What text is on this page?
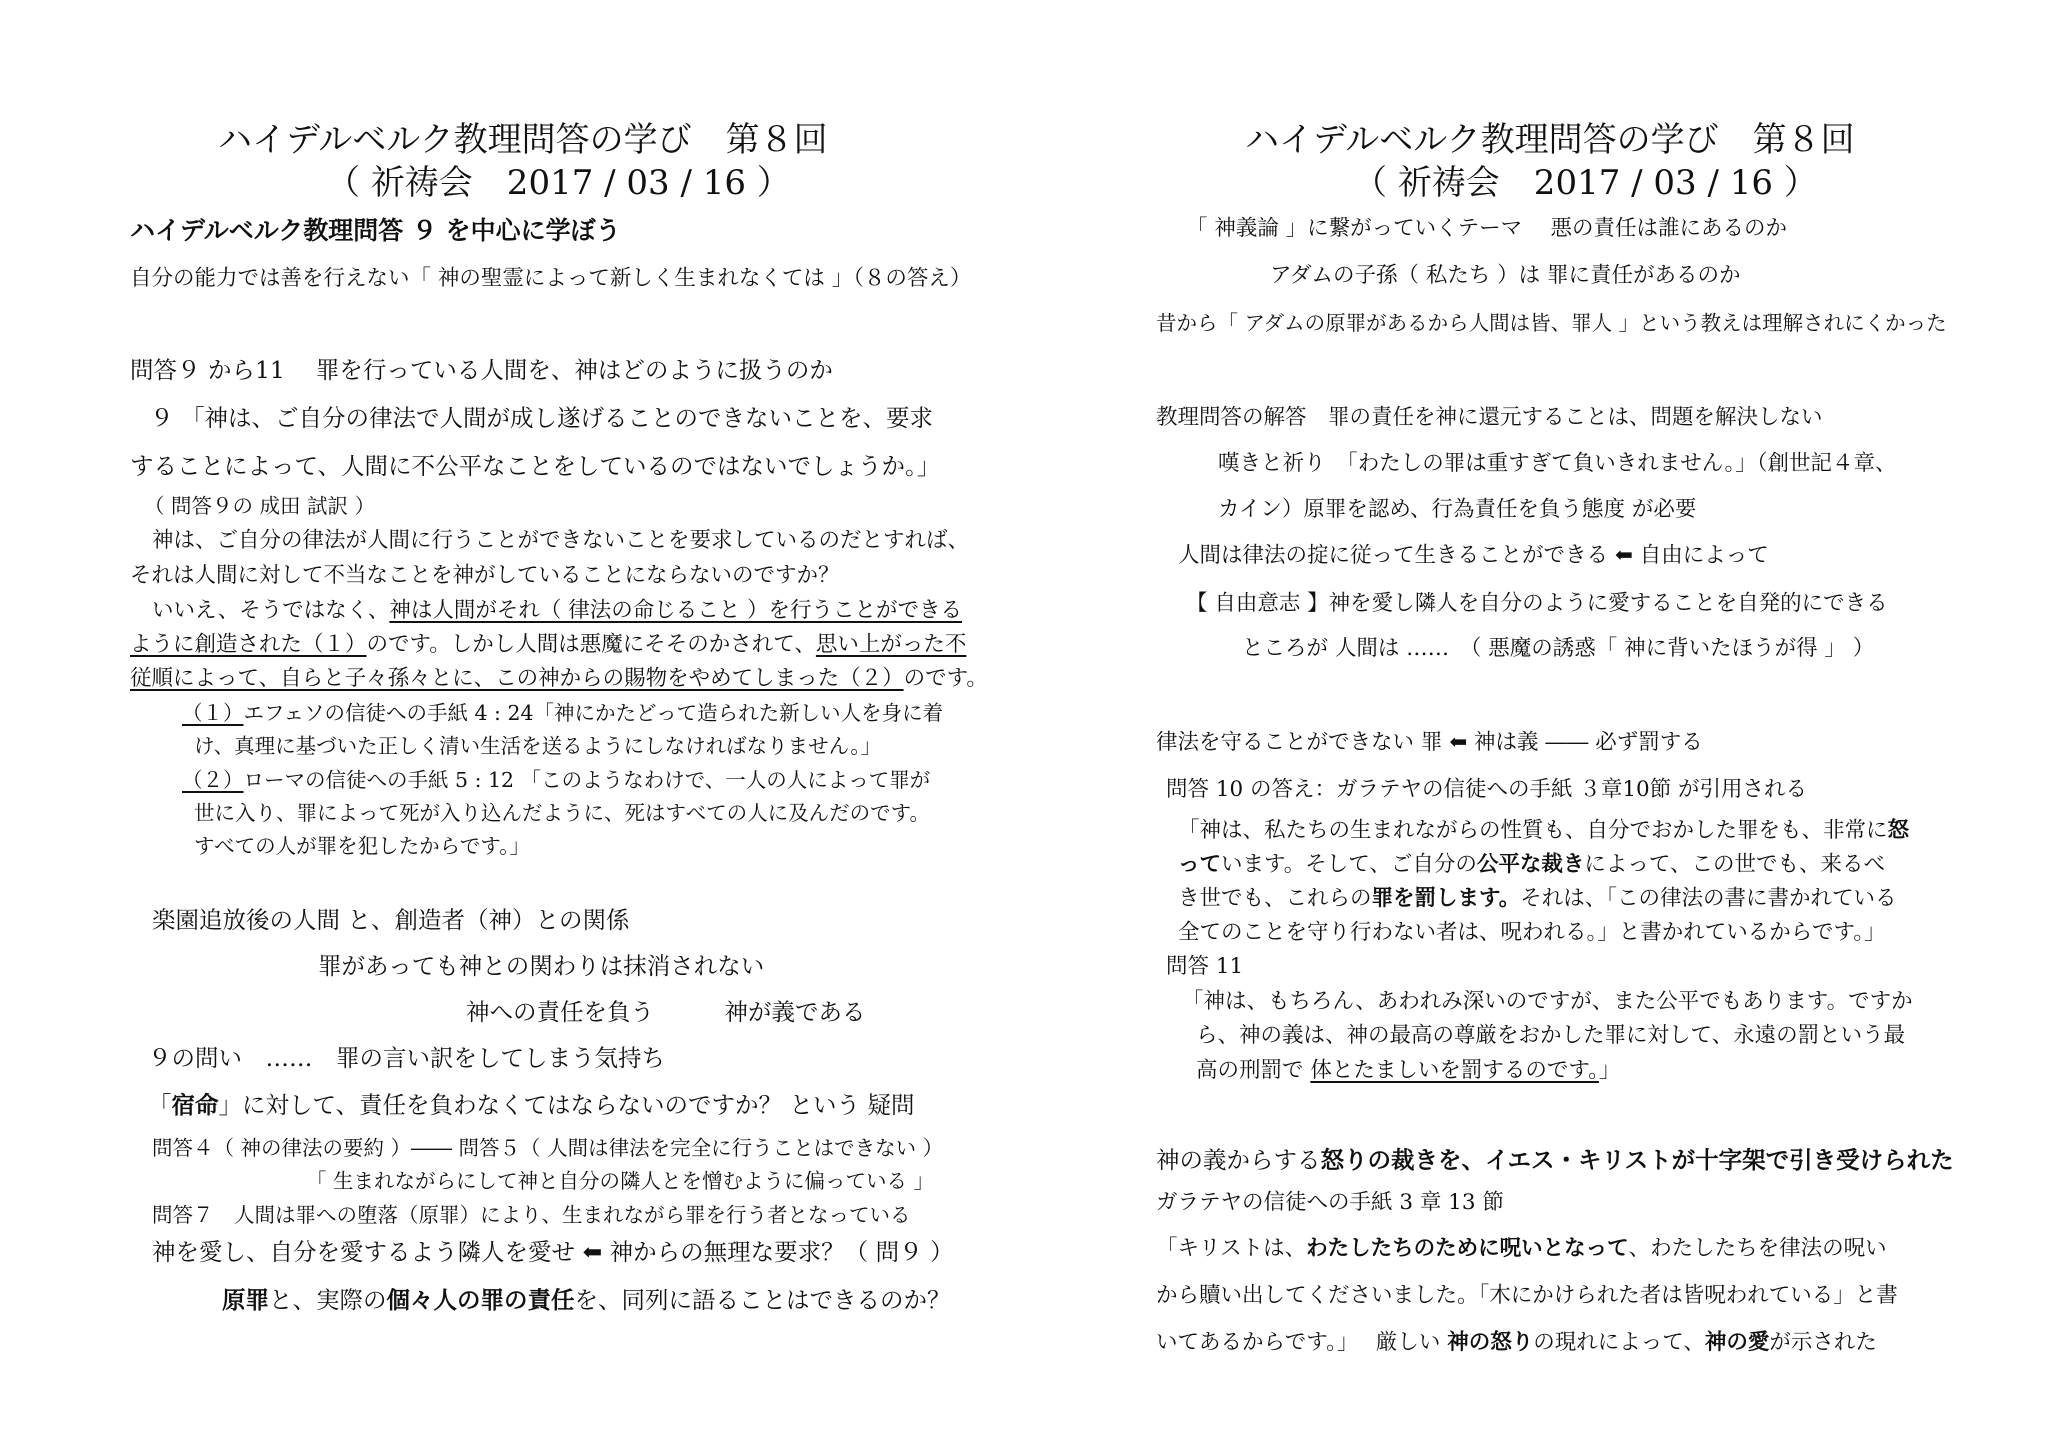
ハイデルベルク教理問答の学び　第８回
（ 祈祷会　2017 / 03 / 16 ）
ハイデルベルク教理問答 ９ を中心に学ぼう
自分の能力では善を行えない「 神の聖霊によって新しく生まれなくては 」（８の答え）
問答９ から11　 罪を行っている人間を、神はどのように扱うのか
９ 「神は、ご自分の律法で人間が成し遂げることのできないことを、要求
することによって、人間に不公平なことをしているのではないでしょうか。」
（ 問答９の 成田 試訳 ）
神は、ご自分の律法が人間に行うことができないことを要求しているのだとすれば、
それは人間に対して不当なことを神がしていることにならないのですか？
いいえ、そうではなく、神は人間がそれ（ 律法の命じること ）を行うことができる
ように創造された（１）のです。しかし人間は悪魔にそそのかされて、思い上がった不
従順によって、自らと子々孫々とに、この神からの賜物をやめてしまった（２）のです。
（１）エフェソの信徒への手紙 4 : 24「神にかたどって造られた新しい人を身に着
け、真理に基づいた正しく清い生活を送るようにしなければなりません。」
（２）ローマの信徒への手紙 5 : 12 「このようなわけで、一人の人によって罪が
世に入り、罪によって死が入り込んだように、死はすべての人に及んだのです。
すべての人が罪を犯したからです。」
楽園追放後の人間 と、創造者（神）との関係
罪があっても神との関わりは抹消されない
神への責任を負う　　　神が義である
９の問い　……　罪の言い訳をしてしまう気持ち
「宿命」に対して、責任を負わなくてはならないのですか？ という 疑問
問答４（ 神の律法の要約 ）―― 問答５（ 人間は律法を完全に行うことはできない ）
「 生まれながらにして神と自分の隣人とを憎むように偏っている 」
問答７　人間は罪への堕落（原罪）により、生まれながら罪を行う者となっている
神を愛し、自分を愛するよう隣人を愛せ ⬅ 神からの無理な要求？（ 問９ ）
原罪と、実際の個々人の罪の責任を、同列に語ることはできるのか？
ハイデルベルク教理問答の学び　第８回
（ 祈祷会　2017 / 03 / 16 ）
「 神義論 」に繋がっていくテーマ　 悪の責任は誰にあるのか
アダムの子孫（ 私たち ）は 罪に責任があるのか
昔から「 アダムの原罪があるから人間は皆、罪人 」という教えは理解されにくかった
教理問答の解答　罪の責任を神に還元することは、問題を解決しない
嘆きと祈り　「わたしの罪は重すぎて負いきれません。」（創世記４章、
カイン）原罪を認め、行為責任を負う態度 が必要
人間は律法の掟に従って生きることができる ⬅ 自由によって
【 自由意志 】神を愛し隣人を自分のように愛することを自発的にできる
ところが 人間は ……　（ 悪魔の誘惑「 神に背いたほうが得 」 ）
律法を守ることができない 罪 ⬅ 神は義 ―― 必ず罰する
問答 10 の答え：ガラテヤの信徒への手紙 ３章10節 が引用される
「神は、私たちの生まれながらの性質も、自分でおかした罪をも、非常に怒
っています。そして、ご自分の公平な裁きによって、この世でも、来るべ
き世でも、これらの罪を罰します。それは、「この律法の書に書かれている
全てのことを守り行わない者は、呪われる。」と書かれているからです。」
問答 11
「神は、もちろん、あわれみ深いのですが、また公平でもあります。ですか
ら、神の義は、神の最高の尊厳をおかした罪に対して、永遠の罰という最
高の刑罰で 体とたましいを罰するのです。」
神の義からする怒りの裁きを、イエス・キリストが十字架で引き受けられた
ガラテヤの信徒への手紙 3 章 13 節
「キリストは、わたしたちのために呪いとなって、わたしたちを律法の呪い
から贖い出してくださいました。「木にかけられた者は皆呪われている」と書
いてあるからです。」　 厳しい 神の怒りの現れによって、神の愛が示された
